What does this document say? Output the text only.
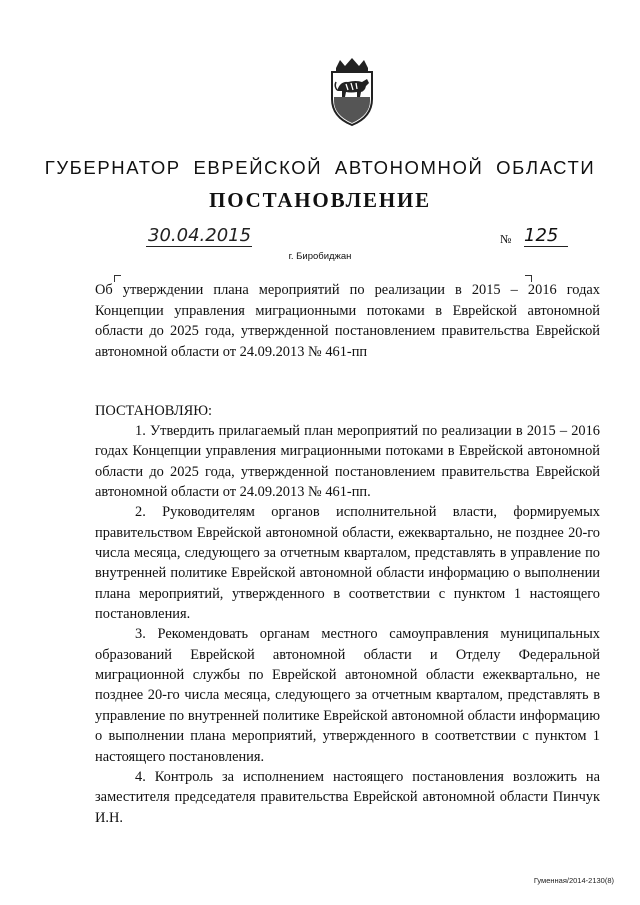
ГУБЕРНАТОР ЕВРЕЙСКОЙ АВТОНОМНОЙ ОБЛАСТИ
ПОСТАНОВЛЕНИЕ
30.04.2015	№ 125
г. Биробиджан
Об утверждении плана мероприятий по реализации в 2015 – 2016 годах Концепции управления миграционными потоками в Еврейской автономной области до 2025 года, утвержденной постановлением правительства Еврейской автономной области от 24.09.2013 № 461-пп
ПОСТАНОВЛЯЮ:

1. Утвердить прилагаемый план мероприятий по реализации в 2015 – 2016 годах Концепции управления миграционными потоками в Еврейской автономной области до 2025 года, утвержденной постановлением правительства Еврейской автономной области от 24.09.2013 № 461-пп.

2. Руководителям органов исполнительной власти, формируемых правительством Еврейской автономной области, ежеквартально, не позднее 20-го числа месяца, следующего за отчетным кварталом, представлять в управление по внутренней политике Еврейской автономной области информацию о выполнении плана мероприятий, утвержденного в соответствии с пунктом 1 настоящего постановления.

3. Рекомендовать органам местного самоуправления муниципальных образований Еврейской автономной области и Отделу Федеральной миграционной службы по Еврейской автономной области ежеквартально, не позднее 20-го числа месяца, следующего за отчетным кварталом, представлять в управление по внутренней политике Еврейской автономной области информацию о выполнении плана мероприятий, утвержденного в соответствии с пунктом 1 настоящего постановления.

4. Контроль за исполнением настоящего постановления возложить на заместителя председателя правительства Еврейской автономной области Пинчук И.Н.

Гуменная/2014-2130(8)
